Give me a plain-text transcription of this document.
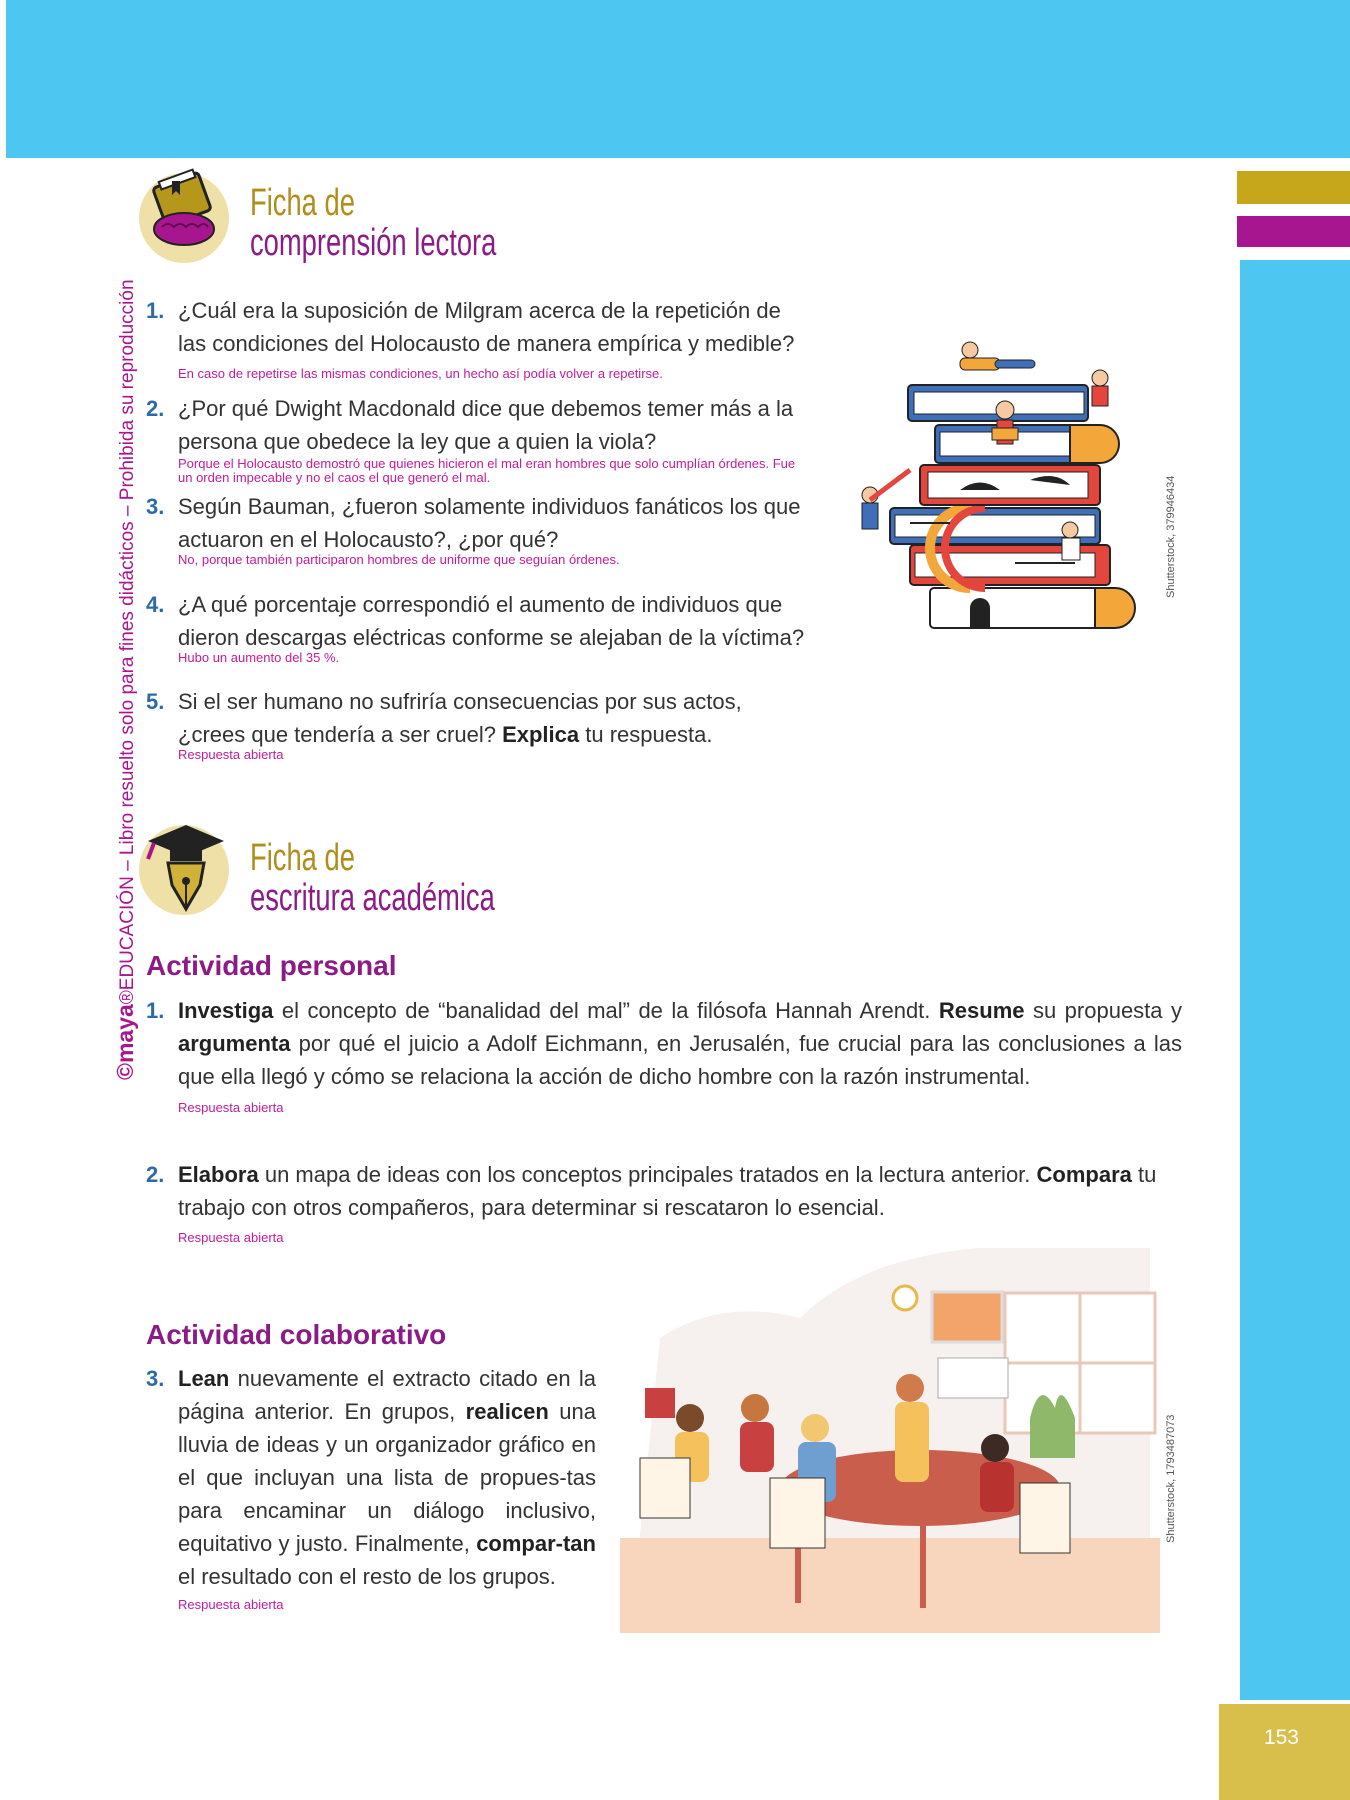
153
©maya®EDUCACIÓN – Libro resuelto solo para fines didácticos – Prohibida su reproducción
Ficha de
comprensión lectora
1. ¿Cuál era la suposición de Milgram acerca de la repetición de las condiciones del Holocausto de manera empírica y medible?
En caso de repetirse las mismas condiciones, un hecho así podía volver a repetirse.
2. ¿Por qué Dwight Macdonald dice que debemos temer más a la persona que obedece la ley que a quien la viola?
Porque el Holocausto demostró que quienes hicieron el mal eran hombres que solo cumplían órdenes. Fue un orden impecable y no el caos el que generó el mal.
3. Según Bauman, ¿fueron solamente individuos fanáticos los que actuaron en el Holocausto?, ¿por qué?
No, porque también participaron hombres de uniforme que seguían órdenes.
4. ¿A qué porcentaje correspondió el aumento de individuos que dieron descargas eléctricas conforme se alejaban de la víctima?
Hubo un aumento del 35 %.
5. Si el ser humano no sufriría consecuencias por sus actos, ¿crees que tendería a ser cruel? Explica tu respuesta.
Respuesta abierta
Shutterstock, 379946434
Ficha de
escritura académica
Actividad personal
1. Investiga el concepto de “banalidad del mal” de la filósofa Hannah Arendt. Resume su propuesta y argumenta por qué el juicio a Adolf Eichmann, en Jerusalén, fue crucial para las conclusiones a las que ella llegó y cómo se relaciona la acción de dicho hombre con la razón instrumental.
Respuesta abierta
2. Elabora un mapa de ideas con los conceptos principales tratados en la lectura anterior. Compara tu trabajo con otros compañeros, para determinar si rescataron lo esencial.
Respuesta abierta
Actividad colaborativo
3. Lean nuevamente el extracto citado en la página anterior. En grupos, realicen una lluvia de ideas y un organizador gráfico en el que incluyan una lista de propues-tas para encaminar un diálogo inclusivo, equitativo y justo. Finalmente, compar-tan el resultado con el resto de los grupos.
Respuesta abierta
Shutterstock, 1793487073
